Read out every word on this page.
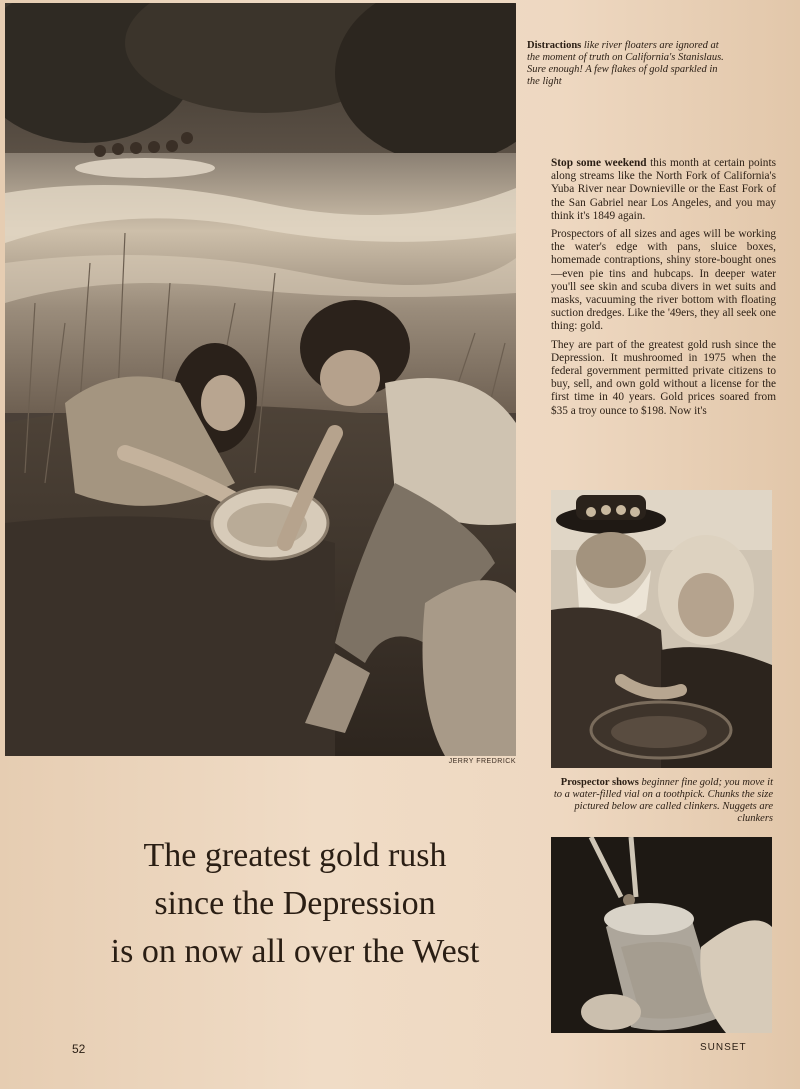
JERRY FREDRICK
Distractions like river floaters are ignored at the moment of truth on California's Stanislaus. Sure enough! A few flakes of gold sparkled in the light

Stop some weekend this month at certain points along streams like the North Fork of California's Yuba River near Downieville or the East Fork of the San Gabriel near Los Angeles, and you may think it's 1849 again.

Prospectors of all sizes and ages will be working the water's edge with pans, sluice boxes, homemade contraptions, shiny store-bought ones—even pie tins and hubcaps. In deeper water you'll see skin and scuba divers in wet suits and masks, vacuuming the river bottom with floating suction dredges. Like the '49ers, they all seek one thing: gold.

They are part of the greatest gold rush since the Depression. It mushroomed in 1975 when the federal government permitted private citizens to buy, sell, and own gold without a license for the first time in 40 years. Gold prices soared from $35 a troy ounce to $198. Now it's

Prospector shows beginner fine gold; you move it to a water-filled vial on a toothpick. Chunks the size pictured below are called clinkers. Nuggets are clunkers
The greatest gold rush
since the Depression
is on now all over the West
52	SUNSET
